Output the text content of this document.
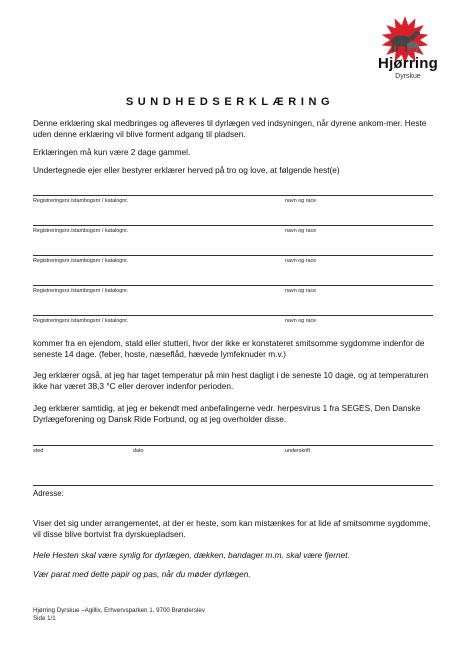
Hjørring
Dyrskue
SUNDHEDSERKLÆRING
Denne erklæring skal medbringes og afleveres til dyrlægen ved indsyningen, når dyrene ankom-mer. Heste uden denne erklæring vil blive forment adgang til pladsen.
Erklæringen må kun være 2 dage gammel.
Undertegnede ejer eller bestyrer erklærer herved på tro og love, at følgende hest(e)
Registreringsnr./stambogsnr / katalognr.	navn og race
Registreringsnr./stambogsnr / katalognr.	navn og race
Registreringsnr./stambogsnr / katalognr.	navn og race
Registreringsnr./stambogsnr / katalognr.	navn og race
Registreringsnr./stambogsnr / katalognr.	navn og race
kommer fra en ejendom, stald eller stutteri, hvor der ikke er konstateret smitsomme sygdomme indenfor de seneste 14 dage. (feber, hoste, næseflåd, hævede lymfeknuder m.v.)
Jeg erklærer også, at jeg har taget temperatur på min hest dagligt i de seneste 10 dage, og at temperaturen ikke har været 38,3 °C eller derover indenfor perioden.
Jeg erklærer samtidig, at jeg er bekendt med anbefalingerne vedr. herpesvirus 1 fra SEGES, Den Danske Dyrlægeforening og Dansk Ride Forbund, og at jeg overholder disse.
sted	dato	underskrift
Adresse:
Viser det sig under arrangementet, at der er heste, som kan mistænkes for at lide af smitsomme sygdomme, vil disse blive bortvist fra dyrskuepladsen.
Hele Hesten skal være synlig for dyrlægen, dækken, bandager m.m. skal være fjernet.
Vær parat med dette papir og pas, når du møder dyrlægen.
Hjørring Dyrskue –Agillix, Erhvervsparken 1, 9700 Brønderslev
Side 1/1
